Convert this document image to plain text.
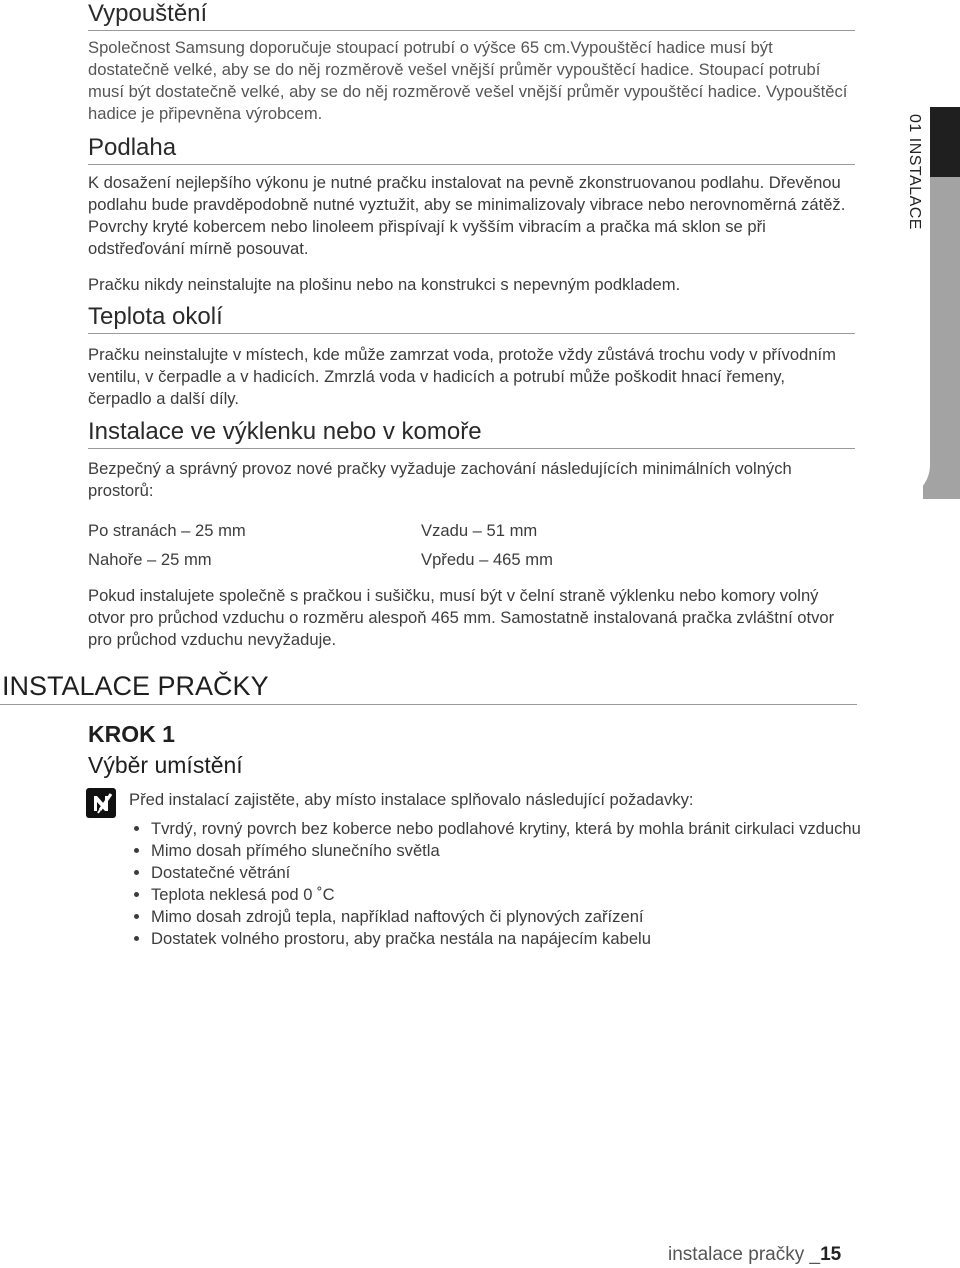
01 INSTALACE
Vypouštění

Společnost Samsung doporučuje stoupací potrubí o výšce 65 cm.Vypouštěcí hadice musí být dostatečně velké, aby se do něj rozměrově vešel vnější průměr vypouštěcí hadice. Stoupací potrubí musí být dostatečně velké, aby se do něj rozměrově vešel vnější průměr vypouštěcí hadice. Vypouštěcí hadice je připevněna výrobcem.

Podlaha

K dosažení nejlepšího výkonu je nutné pračku instalovat na pevně zkonstruovanou podlahu. Dřevěnou podlahu bude pravděpodobně nutné vyztužit, aby se minimalizovaly vibrace nebo nerovnoměrná zátěž. Povrchy kryté kobercem nebo linoleem přispívají k vyšším vibracím a pračka má sklon se při odstřeďování mírně posouvat.

Pračku nikdy neinstalujte na plošinu nebo na konstrukci s nepevným podkladem.

Teplota okolí

Pračku neinstalujte v místech, kde může zamrzat voda, protože vždy zůstává trochu vody v přívodním ventilu, v čerpadle a v hadicích. Zmrzlá voda v hadicích a potrubí může poškodit hnací řemeny, čerpadlo a další díly.

Instalace ve výklenku nebo v komoře

Bezpečný a správný provoz nové pračky vyžaduje zachování následujících minimálních volných prostorů:

Po stranách – 25 mm	Vzadu – 51 mm
Nahoře – 25 mm	Vpředu – 465 mm

Pokud instalujete společně s pračkou i sušičku, musí být v čelní straně výklenku nebo komory volný otvor pro průchod vzduchu o rozměru alespoň 465 mm. Samostatně instalovaná pračka zvláštní otvor pro průchod vzduchu nevyžaduje.

INSTALACE PRAČKY
KROK 1
Výběr umístění
Před instalací zajistěte, aby místo instalace splňovalo následující požadavky:
• Tvrdý, rovný povrch bez koberce nebo podlahové krytiny, která by mohla bránit cirkulaci vzduchu
• Mimo dosah přímého slunečního světla
• Dostatečné větrání
• Teplota neklesá pod 0 ˚C
• Mimo dosah zdrojů tepla, například naftových či plynových zařízení
• Dostatek volného prostoru, aby pračka nestála na napájecím kabelu
instalace pračky _15
